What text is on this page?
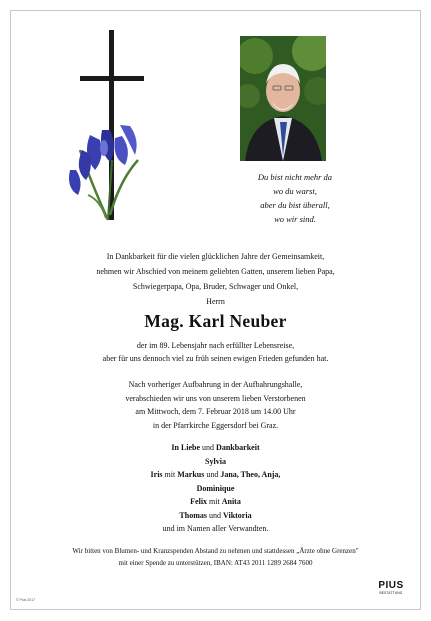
Du bist nicht mehr da
wo du warst,
aber du bist überall,
wo wir sind.
In Dankbarkeit für die vielen glücklichen Jahre der Gemeinsamkeit,
nehmen wir Abschied von meinem geliebten Gatten, unserem lieben Papa,
Schwiegerpapa, Opa, Bruder, Schwager und Onkel,
Herrn
Mag. Karl Neuber
der im 89. Lebensjahr nach erfüllter Lebensreise,
aber für uns dennoch viel zu früh seinen ewigen Frieden gefunden hat.
Nach vorheriger Aufbahrung in der Aufbahrungshalle,
verabschieden wir uns von unserem lieben Verstorbenen
am Mittwoch, dem 7. Februar 2018 um 14.00 Uhr
in der Pfarrkirche Eggersdorf bei Graz.
In Liebe und Dankbarkeit
Sylvia
Iris mit Markus und Jana, Theo, Anja,
Dominique
Felix mit Anita
Thomas und Viktoria
und im Namen aller Verwandten.
Wir bitten von Blumen- und Kranzspenden Abstand zu nehmen und stattdessen „Ärzte ohne Grenzen"
mit einer Spende zu unterstützen, IBAN: AT43 2011 1289 2684 7600
PIUS
BESTATTUNG
© Pius 2017
